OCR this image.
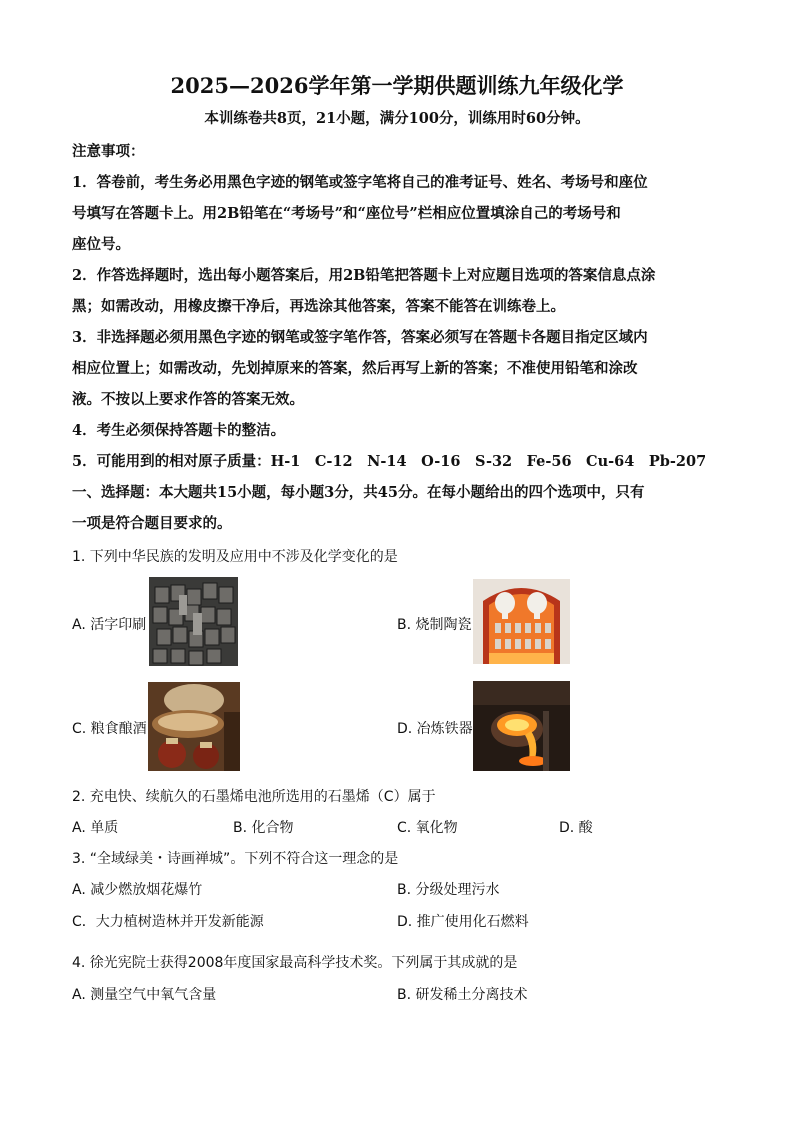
2025—2026学年第一学期供题训练九年级化学
本训练卷共8页，21小题，满分100分，训练用时60分钟。
注意事项：
1．答卷前，考生务必用黑色字迹的钢笔或签字笔将自己的准考证号、姓名、考场号和座位
号填写在答题卡上。用2B铅笔在“考场号”和“座位号”栏相应位置填涂自己的考场号和
座位号。
2．作答选择题时，选出每小题答案后，用2B铅笔把答题卡上对应题目选项的答案信息点涂
黑；如需改动，用橡皮擦干净后，再选涂其他答案，答案不能答在训练卷上。
3．非选择题必须用黑色字迹的钢笔或签字笔作答，答案必须写在答题卡各题目指定区域内
相应位置上；如需改动，先划掉原来的答案，然后再写上新的答案；不准使用铅笔和涂改
液。不按以上要求作答的答案无效。
4．考生必须保持答题卡的整洁。
5．可能用到的相对原子质量：H-1　C-12　N-14　O-16　S-32　Fe-56　Cu-64　Pb-207
一、选择题：本大题共15小题，每小题3分，共45分。在每小题给出的四个选项中，只有
一项是符合题目要求的。
1. 下列中华民族的发明及应用中不涉及化学变化的是
A. 活字印刷	B. 烧制陶瓷
C. 粮食酿酒	D. 冶炼铁器
2. 充电快、续航久的石墨烯电池所选用的石墨烯（C）属于
A. 单质	B. 化合物	C. 氧化物	D. 酸
3. “全域绿美・诗画禅城”。下列不符合这一理念的是
A. 减少燃放烟花爆竹	B. 分级处理污水
C．大力植树造林并开发新能源	D. 推广使用化石燃料
4. 徐光宪院士获得2008年度国家最高科学技术奖。下列属于其成就的是
A. 测量空气中氧气含量	B. 研发稀土分离技术
